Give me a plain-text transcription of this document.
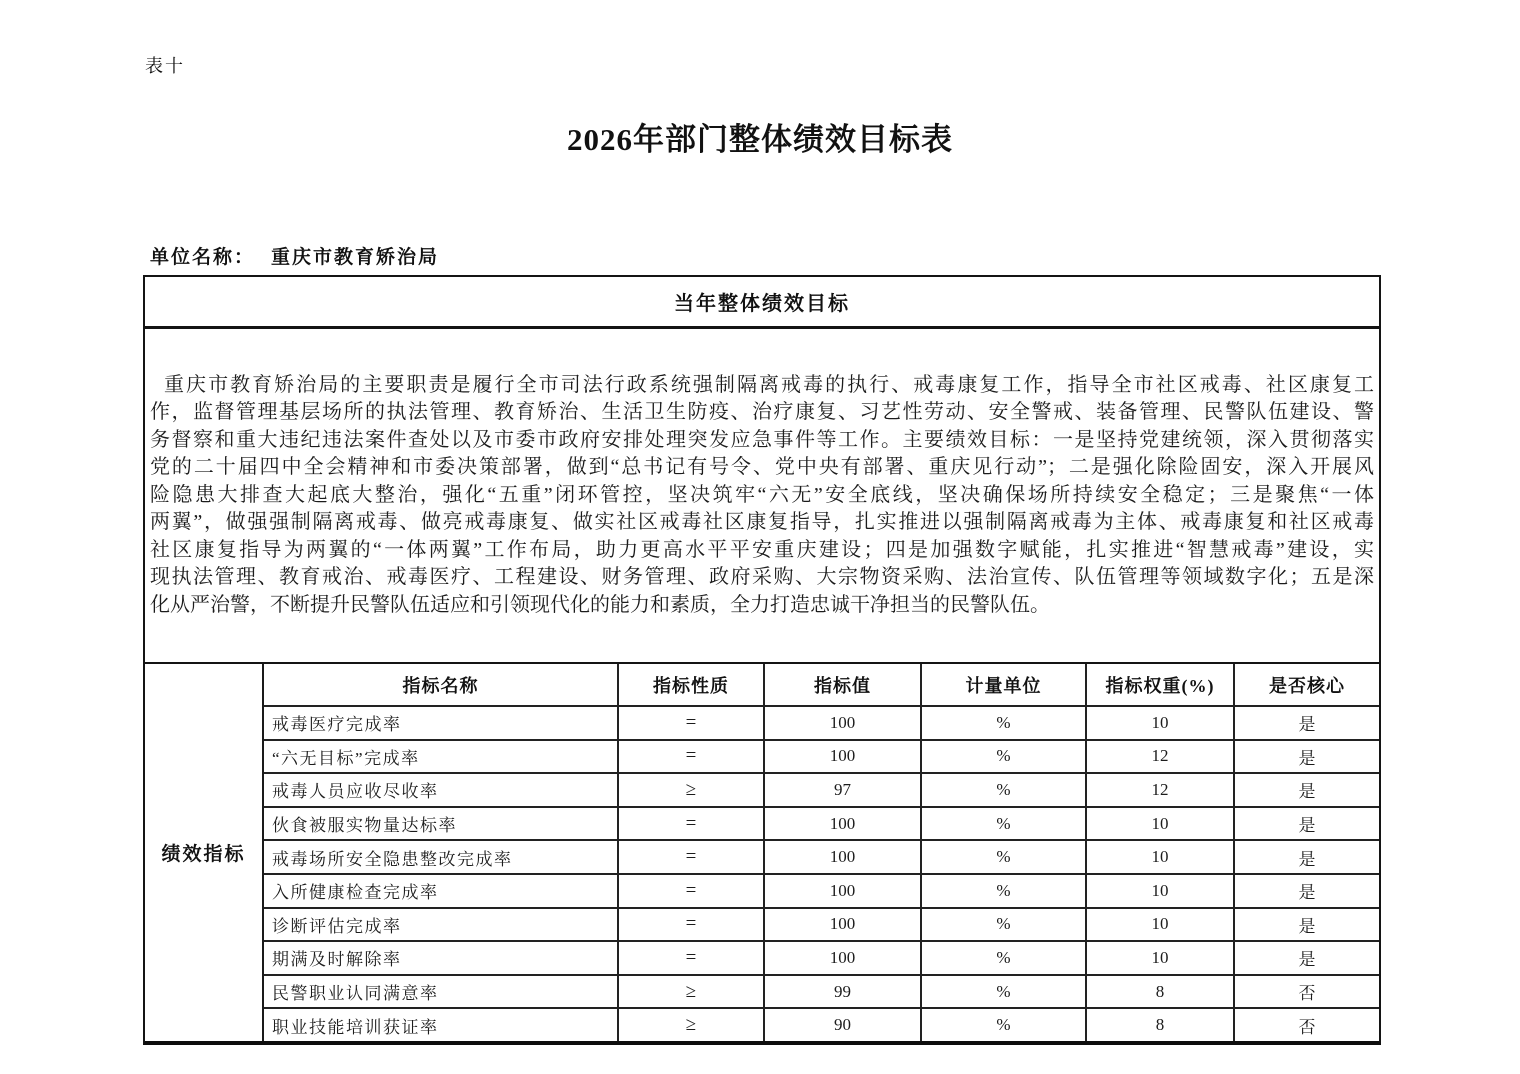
表十
2026年部门整体绩效目标表
单位名称： 重庆市教育矫治局
当年整体绩效目标
重庆市教育矫治局的主要职责是履行全市司法行政系统强制隔离戒毒的执行、戒毒康复工作，指导全市社区戒毒、社区康复工
作，监督管理基层场所的执法管理、教育矫治、生活卫生防疫、治疗康复、习艺性劳动、安全警戒、装备管理、民警队伍建设、警
务督察和重大违纪违法案件查处以及市委市政府安排处理突发应急事件等工作。主要绩效目标：一是坚持党建统领，深入贯彻落实
党的二十届四中全会精神和市委决策部署，做到“总书记有号令、党中央有部署、重庆见行动”；二是强化除险固安，深入开展风
险隐患大排查大起底大整治，强化“五重”闭环管控，坚决筑牢“六无”安全底线，坚决确保场所持续安全稳定；三是聚焦“一体
两翼”，做强强制隔离戒毒、做亮戒毒康复、做实社区戒毒社区康复指导，扎实推进以强制隔离戒毒为主体、戒毒康复和社区戒毒
社区康复指导为两翼的“一体两翼”工作布局，助力更高水平平安重庆建设；四是加强数字赋能，扎实推进“智慧戒毒”建设，实
现执法管理、教育戒治、戒毒医疗、工程建设、财务管理、政府采购、大宗物资采购、法治宣传、队伍管理等领域数字化；五是深
化从严治警，不断提升民警队伍适应和引领现代化的能力和素质，全力打造忠诚干净担当的民警队伍。
绩效指标
指标名称	指标性质	指标值	计量单位	指标权重(%)	是否核心
戒毒医疗完成率	=	100	%	10	是
“六无目标”完成率	=	100	%	12	是
戒毒人员应收尽收率	≥	97	%	12	是
伙食被服实物量达标率	=	100	%	10	是
戒毒场所安全隐患整改完成率	=	100	%	10	是
入所健康检查完成率	=	100	%	10	是
诊断评估完成率	=	100	%	10	是
期满及时解除率	=	100	%	10	是
民警职业认同满意率	≥	99	%	8	否
职业技能培训获证率	≥	90	%	8	否
